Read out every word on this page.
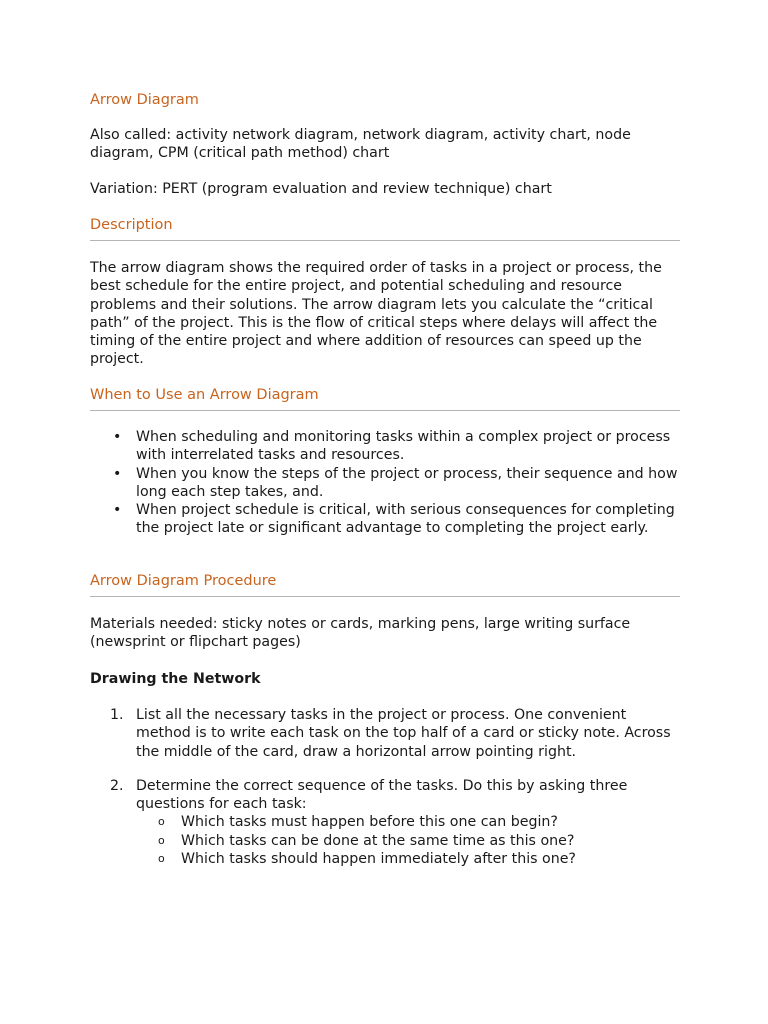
Arrow Diagram

Also called: activity network diagram, network diagram, activity chart, node diagram, CPM (critical path method) chart

Variation: PERT (program evaluation and review technique) chart

Description

The arrow diagram shows the required order of tasks in a project or process, the best schedule for the entire project, and potential scheduling and resource problems and their solutions. The arrow diagram lets you calculate the “critical path” of the project. This is the flow of critical steps where delays will affect the timing of the entire project and where addition of resources can speed up the project.

When to Use an Arrow Diagram
• When scheduling and monitoring tasks within a complex project or process with interrelated tasks and resources.
• When you know the steps of the project or process, their sequence and how long each step takes, and.
• When project schedule is critical, with serious consequences for completing the project late or significant advantage to completing the project early.
Arrow Diagram Procedure

Materials needed: sticky notes or cards, marking pens, large writing surface (newsprint or flipchart pages)

Drawing the Network
1. List all the necessary tasks in the project or process. One convenient method is to write each task on the top half of a card or sticky note. Across the middle of the card, draw a horizontal arrow pointing right.
2. Determine the correct sequence of the tasks. Do this by asking three questions for each task:
o Which tasks must happen before this one can begin?
o Which tasks can be done at the same time as this one?
o Which tasks should happen immediately after this one?
